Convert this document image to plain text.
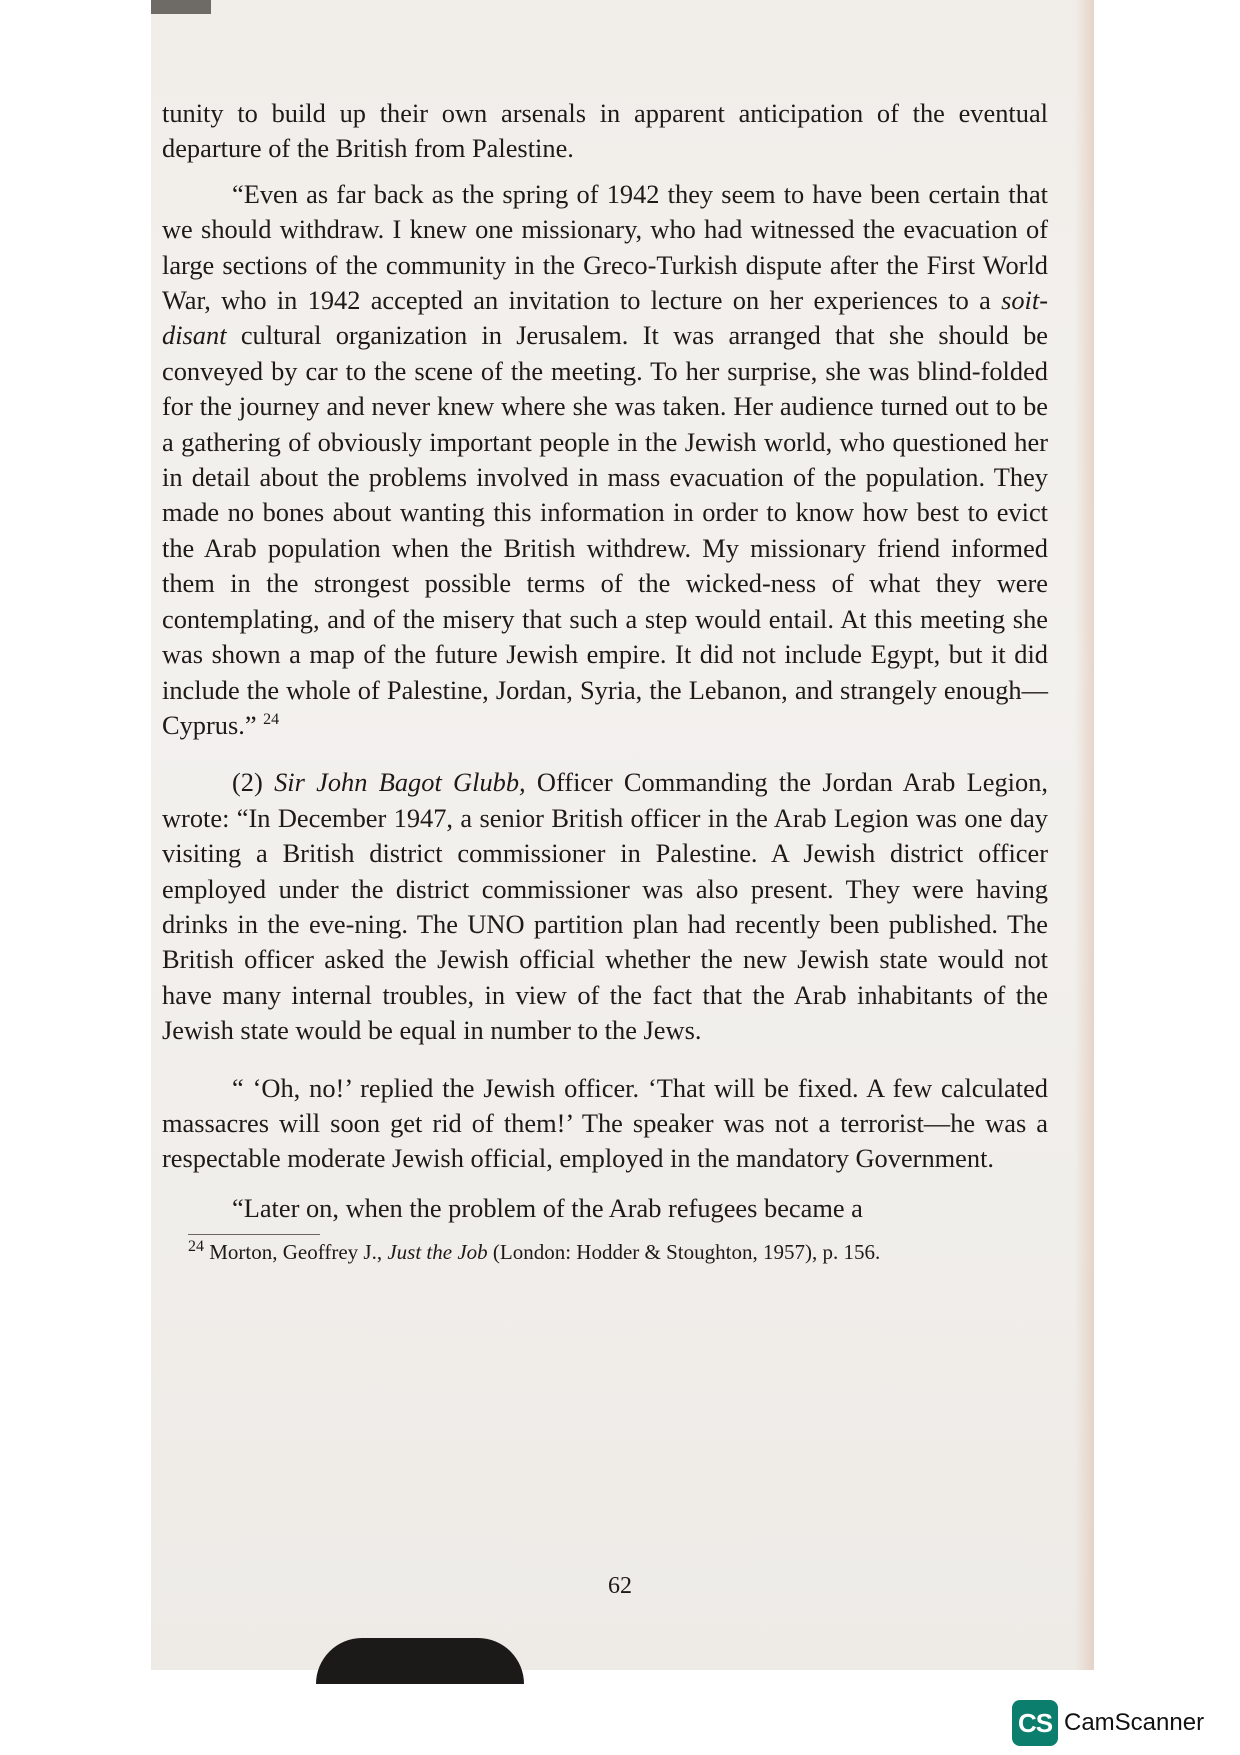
tunity to build up their own arsenals in apparent anticipation of the eventual departure of the British from Palestine.

“Even as far back as the spring of 1942 they seem to have been certain that we should withdraw. I knew one missionary, who had witnessed the evacuation of large sections of the community in the Greco-Turkish dispute after the First World War, who in 1942 accepted an invitation to lecture on her experiences to a soit-disant cultural organization in Jerusalem. It was arranged that she should be conveyed by car to the scene of the meeting. To her surprise, she was blind-folded for the journey and never knew where she was taken. Her audience turned out to be a gathering of obviously important people in the Jewish world, who questioned her in detail about the problems involved in mass evacuation of the population. They made no bones about wanting this information in order to know how best to evict the Arab population when the British withdrew. My missionary friend informed them in the strongest possible terms of the wicked-ness of what they were contemplating, and of the misery that such a step would entail. At this meeting she was shown a map of the future Jewish empire. It did not include Egypt, but it did include the whole of Palestine, Jordan, Syria, the Lebanon, and strangely enough—Cyprus.” $^{24}$

(2) Sir John Bagot Glubb, Officer Commanding the Jordan Arab Legion, wrote: “In December 1947, a senior British officer in the Arab Legion was one day visiting a British district commissioner in Palestine. A Jewish district officer employed under the district commissioner was also present. They were having drinks in the eve-ning. The UNO partition plan had recently been published. The British officer asked the Jewish official whether the new Jewish state would not have many internal troubles, in view of the fact that the Arab inhabitants of the Jewish state would be equal in number to the Jews.

“ ‘Oh, no!’ replied the Jewish officer. ‘That will be fixed. A few calculated massacres will soon get rid of them!’ The speaker was not a terrorist—he was a respectable moderate Jewish official, employed in the mandatory Government.

“Later on, when the problem of the Arab refugees became a

$^{24}$ Morton, Geoffrey J., Just the Job (London: Hodder & Stoughton, 1957), p. 156.

62
CS CamScanner
